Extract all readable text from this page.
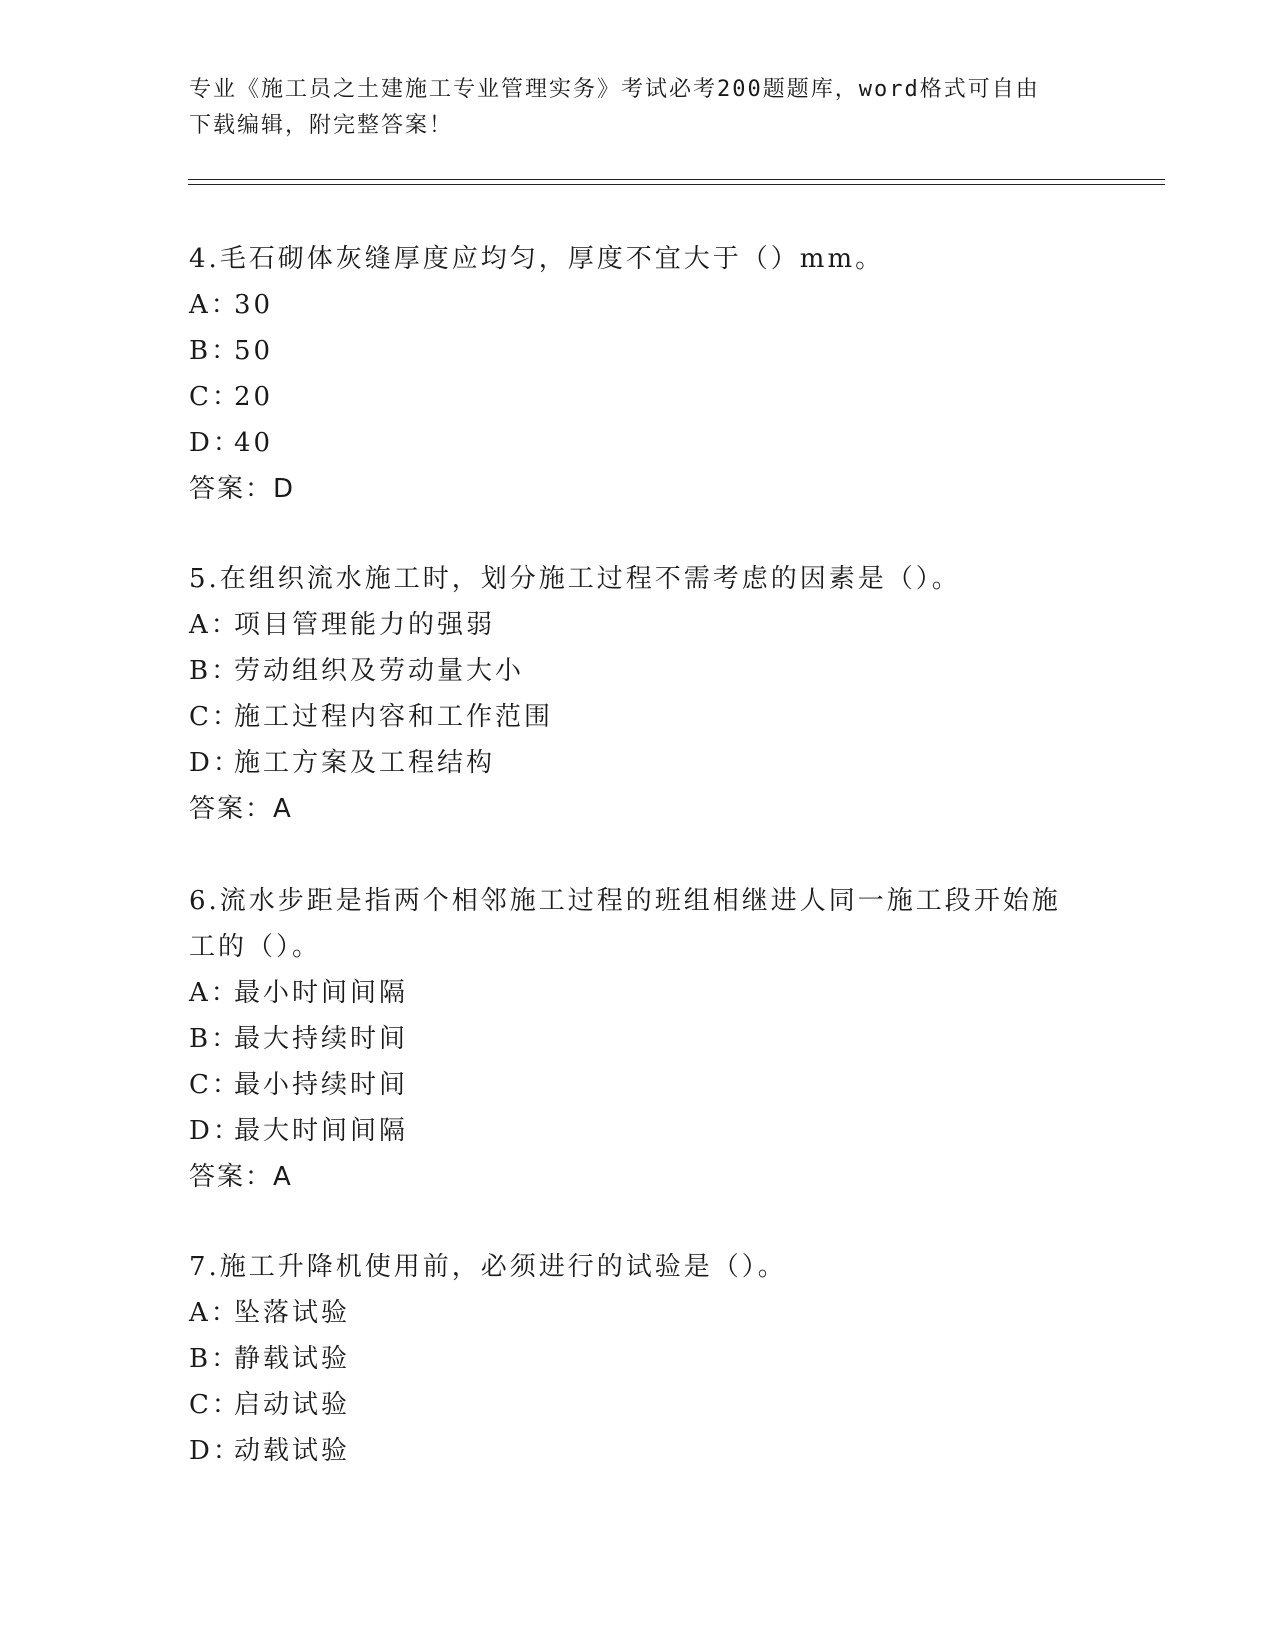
专业《施工员之土建施工专业管理实务》考试必考200题题库，word格式可自由
下载编辑，附完整答案！
4.毛石砌体灰缝厚度应均匀，厚度不宜大于（）mm。
A：30
B：50
C：20
D：40
答案：D
5.在组织流水施工时，划分施工过程不需考虑的因素是（）。
A：项目管理能力的强弱
B：劳动组织及劳动量大小
C：施工过程内容和工作范围
D：施工方案及工程结构
答案：A
6.流水步距是指两个相邻施工过程的班组相继进人同一施工段开始施
工的（）。
A：最小时间间隔
B：最大持续时间
C：最小持续时间
D：最大时间间隔
答案：A
7.施工升降机使用前，必须进行的试验是（）。
A：坠落试验
B：静载试验
C：启动试验
D：动载试验
